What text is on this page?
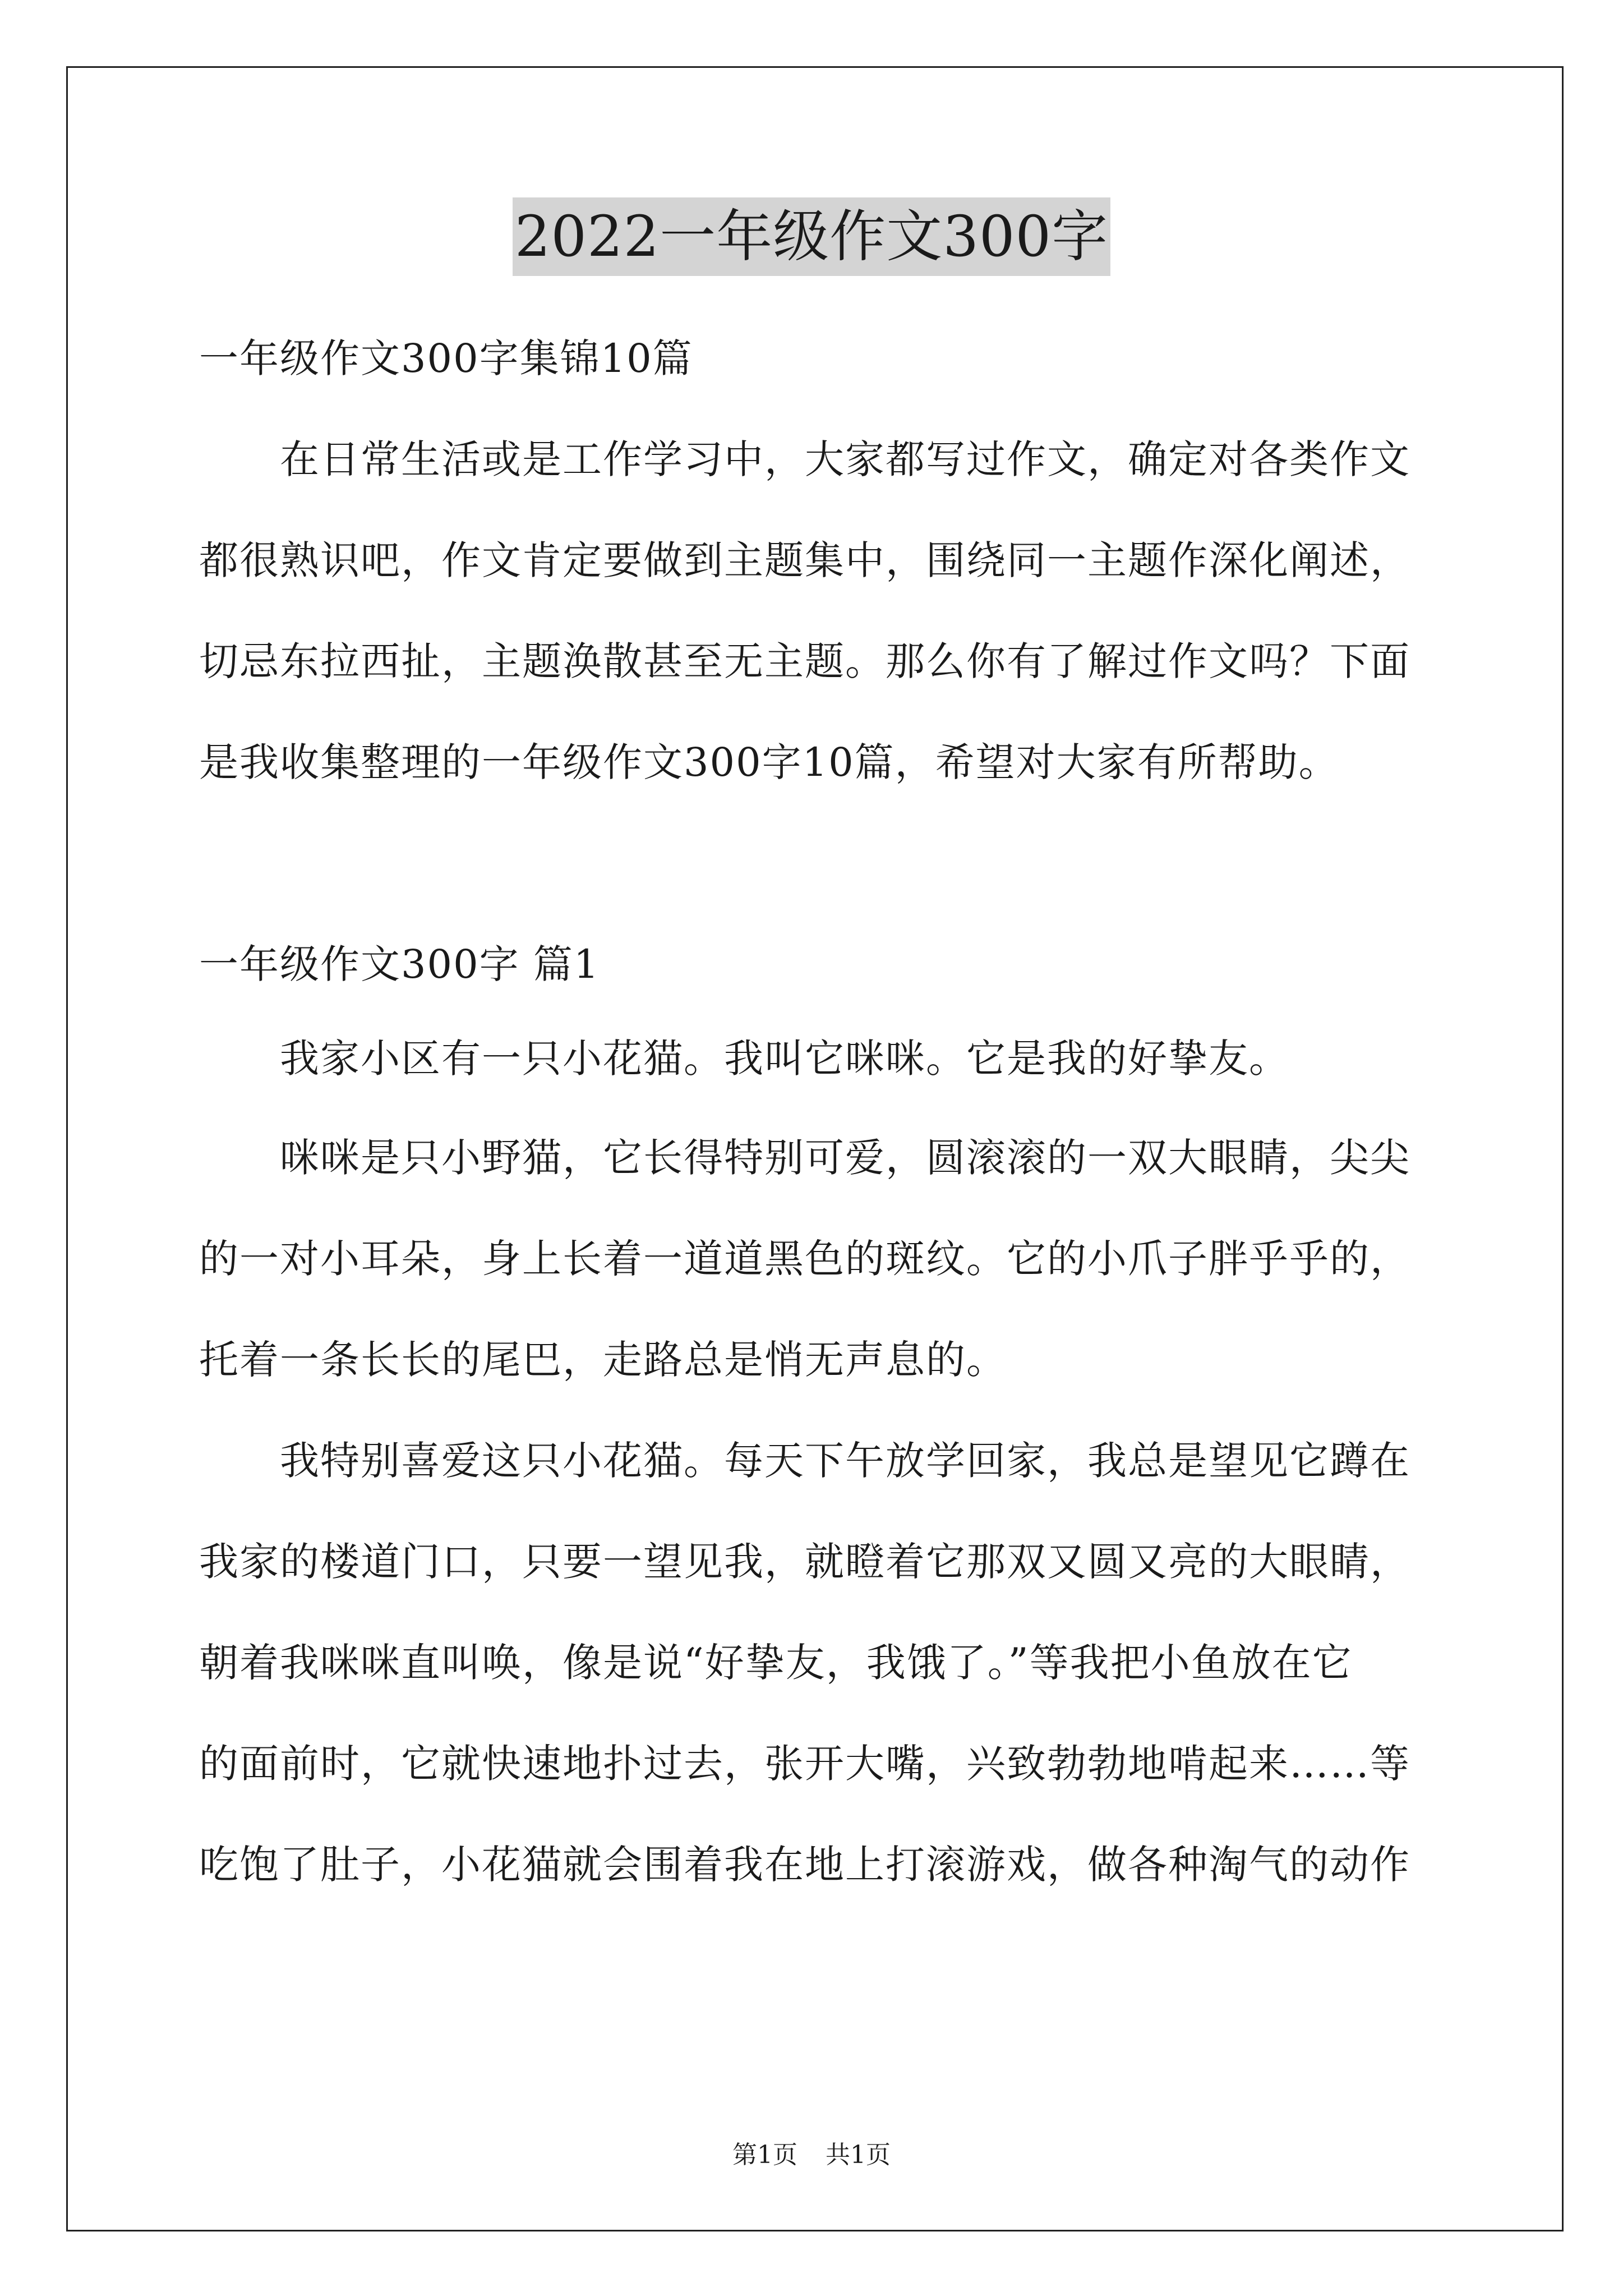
2022一年级作文300字
一年级作文300字集锦10篇
　　在日常生活或是工作学习中，大家都写过作文，确定对各类作文
都很熟识吧，作文肯定要做到主题集中，围绕同一主题作深化阐述，
切忌东拉西扯，主题涣散甚至无主题。那么你有了解过作文吗？下面
是我收集整理的一年级作文300字10篇，希望对大家有所帮助。
一年级作文300字 篇1
　　我家小区有一只小花猫。我叫它咪咪。它是我的好挚友。
　　咪咪是只小野猫，它长得特别可爱，圆滚滚的一双大眼睛，尖尖
的一对小耳朵，身上长着一道道黑色的斑纹。它的小爪子胖乎乎的，
托着一条长长的尾巴，走路总是悄无声息的。
　　我特别喜爱这只小花猫。每天下午放学回家，我总是望见它蹲在
我家的楼道门口，只要一望见我，就瞪着它那双又圆又亮的大眼睛，
朝着我咪咪直叫唤，像是说“好挚友，我饿了。”等我把小鱼放在它
的面前时，它就快速地扑过去，张开大嘴，兴致勃勃地啃起来……等
吃饱了肚子，小花猫就会围着我在地上打滚游戏，做各种淘气的动作
第1页 共1页
